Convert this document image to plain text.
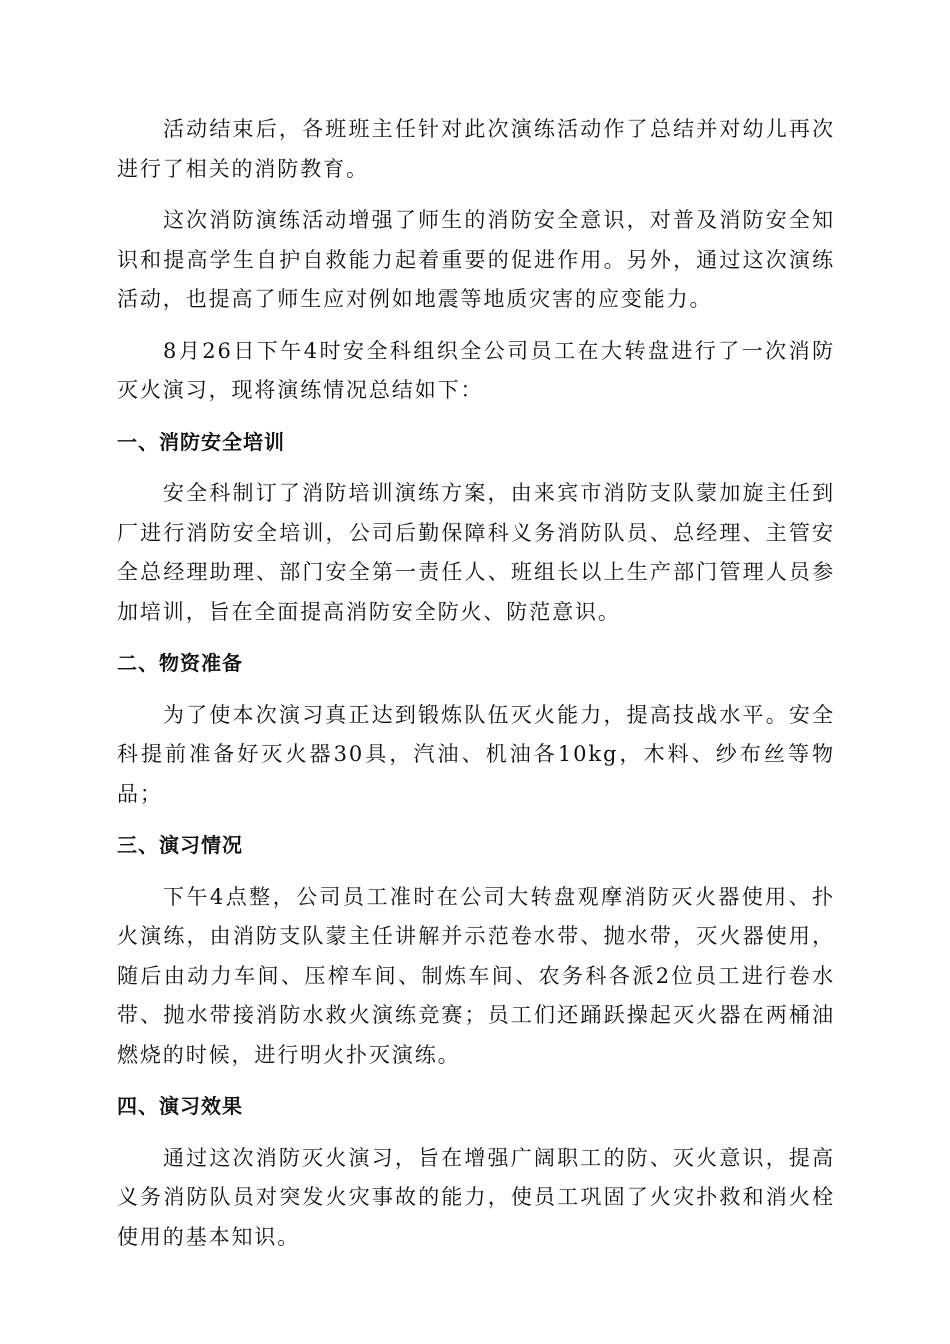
活动结束后，各班班主任针对此次演练活动作了总结并对幼儿再次进行了相关的消防教育。

这次消防演练活动增强了师生的消防安全意识，对普及消防安全知识和提高学生自护自救能力起着重要的促进作用。另外，通过这次演练活动，也提高了师生应对例如地震等地质灾害的应变能力。

8月26日下午4时安全科组织全公司员工在大转盘进行了一次消防灭火演习，现将演练情况总结如下：

一、消防安全培训

安全科制订了消防培训演练方案，由来宾市消防支队蒙加旋主任到厂进行消防安全培训，公司后勤保障科义务消防队员、总经理、主管安全总经理助理、部门安全第一责任人、班组长以上生产部门管理人员参加培训，旨在全面提高消防安全防火、防范意识。

二、物资准备

为了使本次演习真正达到锻炼队伍灭火能力，提高技战水平。安全科提前准备好灭火器30具，汽油、机油各10kg，木料、纱布丝等物品；

三、演习情况

下午4点整，公司员工准时在公司大转盘观摩消防灭火器使用、扑火演练，由消防支队蒙主任讲解并示范卷水带、抛水带，灭火器使用，随后由动力车间、压榨车间、制炼车间、农务科各派2位员工进行卷水带、抛水带接消防水救火演练竞赛；员工们还踊跃操起灭火器在两桶油燃烧的时候，进行明火扑灭演练。

四、演习效果

通过这次消防灭火演习，旨在增强广阔职工的防、灭火意识，提高义务消防队员对突发火灾事故的能力，使员工巩固了火灾扑救和消火栓使用的基本知识。
